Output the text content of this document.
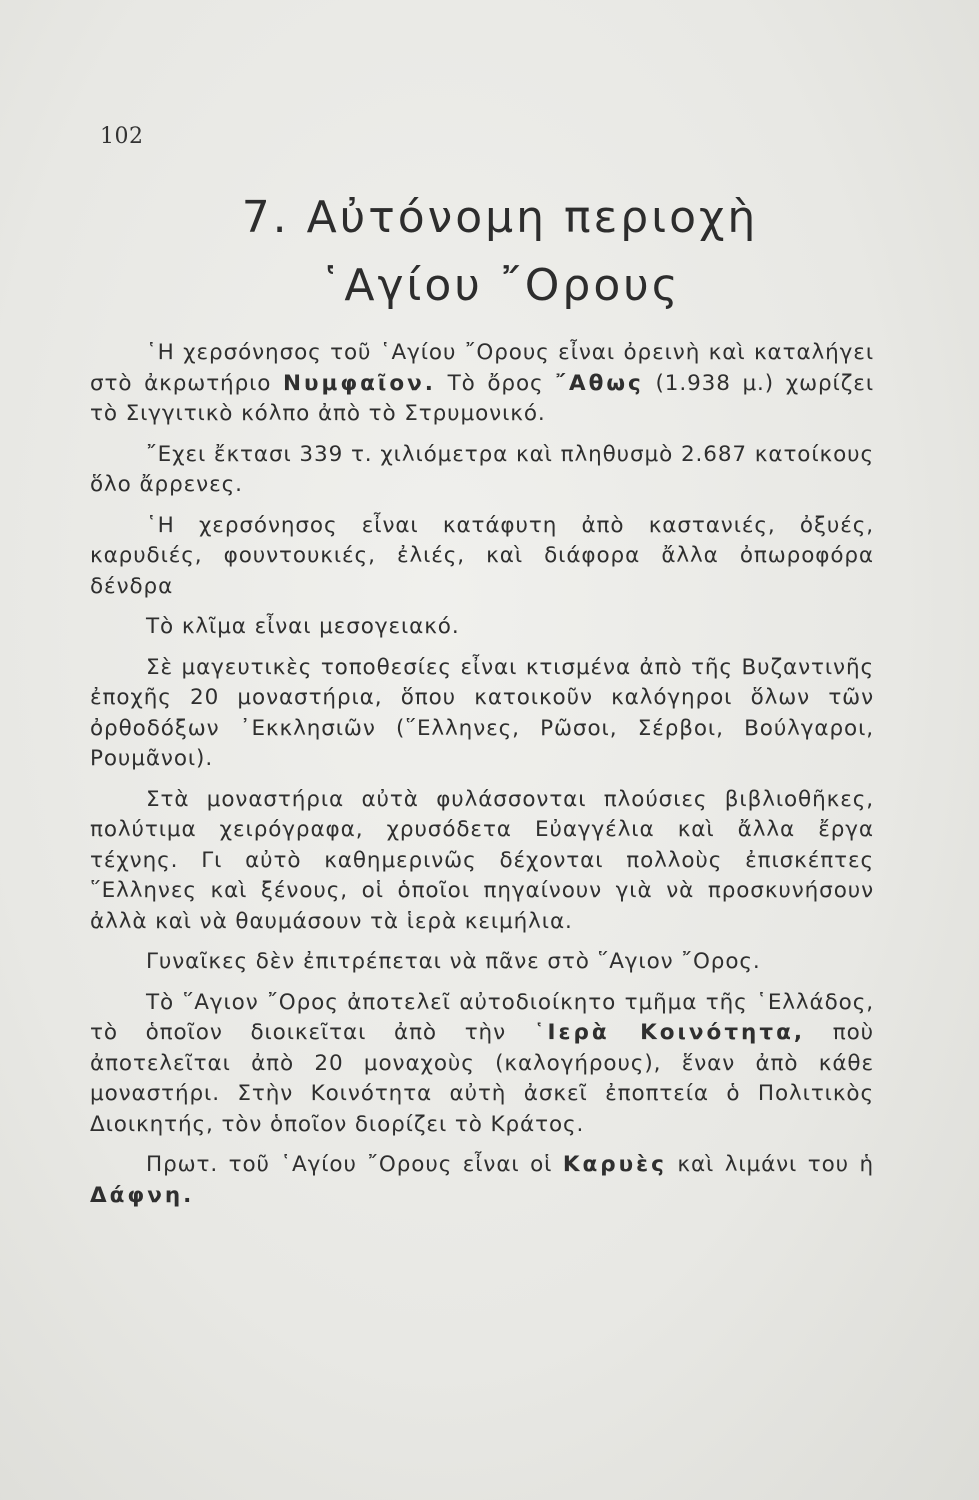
102
7. Αὐτόνομη περιοχὴ
῾Αγίου ῎Ορους

῾Η χερσόνησος τοῦ ῾Αγίου ῎Ορους εἶναι ὀρεινὴ καὶ καταλήγει στὸ ἀκρωτήριο Νυμφαῖον. Τὸ ὄρος ῎Αθως (1.938 μ.) χωρίζει τὸ Σιγγιτικὸ κόλπο ἀπὸ τὸ Στρυμονικό.

῎Εχει ἔκτασι 339 τ. χιλιόμετρα καὶ πληθυσμὸ 2.687 κατοίκους ὅλο ἄρρενες.

῾Η χερσόνησος εἶναι κατάφυτη ἀπὸ καστανιές, ὀξυές, καρυδιές, φουντουκιές, ἐλιές, καὶ διάφορα ἄλλα ὀπωροφόρα δένδρα

Τὸ κλῖμα εἶναι μεσογειακό.

Σὲ μαγευτικὲς τοποθεσίες εἶναι κτισμένα ἀπὸ τῆς Βυζαντινῆς ἐποχῆς 20 μοναστήρια, ὅπου κατοικοῦν καλόγηροι ὅλων τῶν ὀρθοδόξων ᾿Εκκλησιῶν (῞Ελληνες, Ρῶσοι, Σέρβοι, Βούλγαροι, Ρουμᾶνοι).

Στὰ μοναστήρια αὐτὰ φυλάσσονται πλούσιες βιβλιοθῆκες, πολύτιμα χειρόγραφα, χρυσόδετα Εὐαγγέλια καὶ ἄλλα ἔργα τέχνης. Γι αὐτὸ καθημερινῶς δέχονται πολλοὺς ἐπισκέπτες ῞Ελληνες καὶ ξένους, οἱ ὁποῖοι πηγαίνουν γιὰ νὰ προσκυνήσουν ἀλλὰ καὶ νὰ θαυμάσουν τὰ ἱερὰ κειμήλια.

Γυναῖκες δὲν ἐπιτρέπεται νὰ πᾶνε στὸ ῞Αγιον ῎Ορος.

Τὸ ῞Αγιον ῎Ορος ἀποτελεῖ αὐτοδιοίκητο τμῆμα τῆς ῾Ελλάδος, τὸ ὁποῖον διοικεῖται ἀπὸ τὴν ῾Ιερὰ Κοινότητα, ποὺ ἀποτελεῖται ἀπὸ 20 μοναχοὺς (καλογήρους), ἕναν ἀπὸ κάθε μοναστήρι. Στὴν Κοινότητα αὐτὴ ἀσκεῖ ἐποπτεία ὁ Πολιτικὸς Διοικητής, τὸν ὁποῖον διορίζει τὸ Κράτος.

Πρωτ. τοῦ ῾Αγίου ῎Ορους εἶναι οἱ Καρυὲς καὶ λιμάνι του ἡ Δάφνη.
